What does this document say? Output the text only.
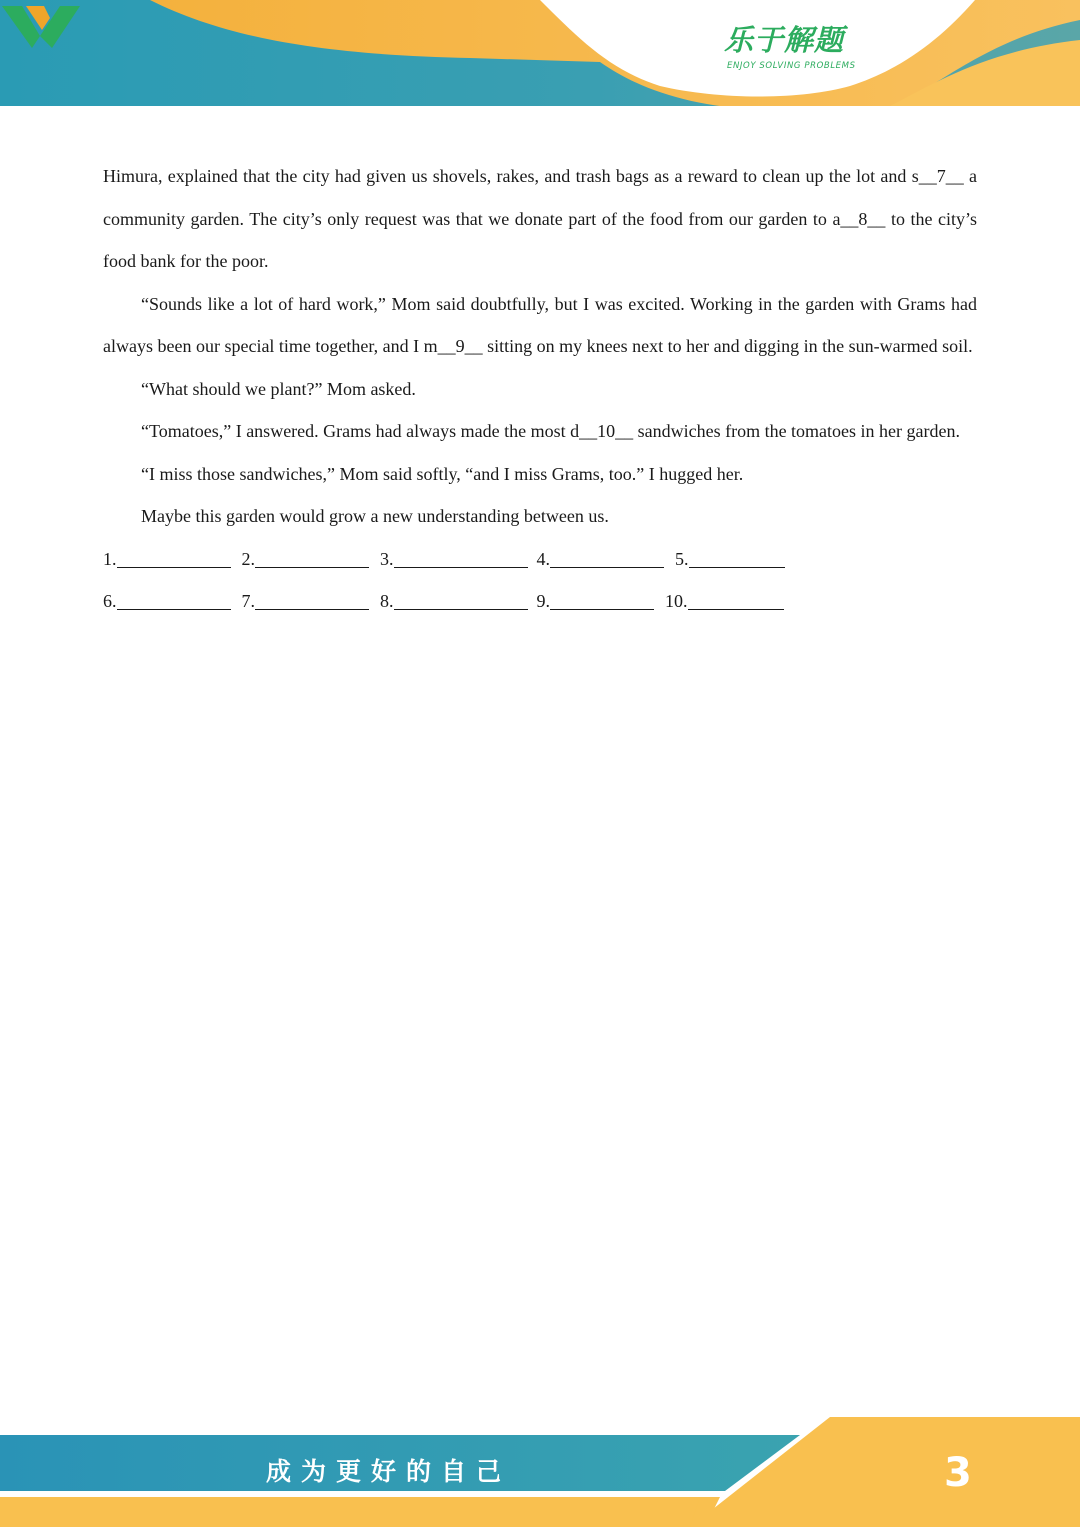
乐于解题
ENJOY SOLVING PROBLEMS

Himura, explained that the city had given us shovels, rakes, and trash bags as a reward to clean up the lot and s__7__ a community garden. The city’s only request was that we donate part of the food from our garden to a__8__ to the city’s food bank for the poor.

“Sounds like a lot of hard work,” Mom said doubtfully, but I was excited. Working in the garden with Grams had always been our special time together, and I m__9__ sitting on my knees next to her and digging in the sun-warmed soil.

“What should we plant?” Mom asked.

“Tomatoes,” I answered. Grams had always made the most d__10__ sandwiches from the tomatoes in her garden.

“I miss those sandwiches,” Mom said softly, “and I miss Grams, too.” I hugged her.

Maybe this garden would grow a new understanding between us.

1.	2.	3.	4.	5.
6.	7.	8.	9.	10.
成为更好的自己	3
